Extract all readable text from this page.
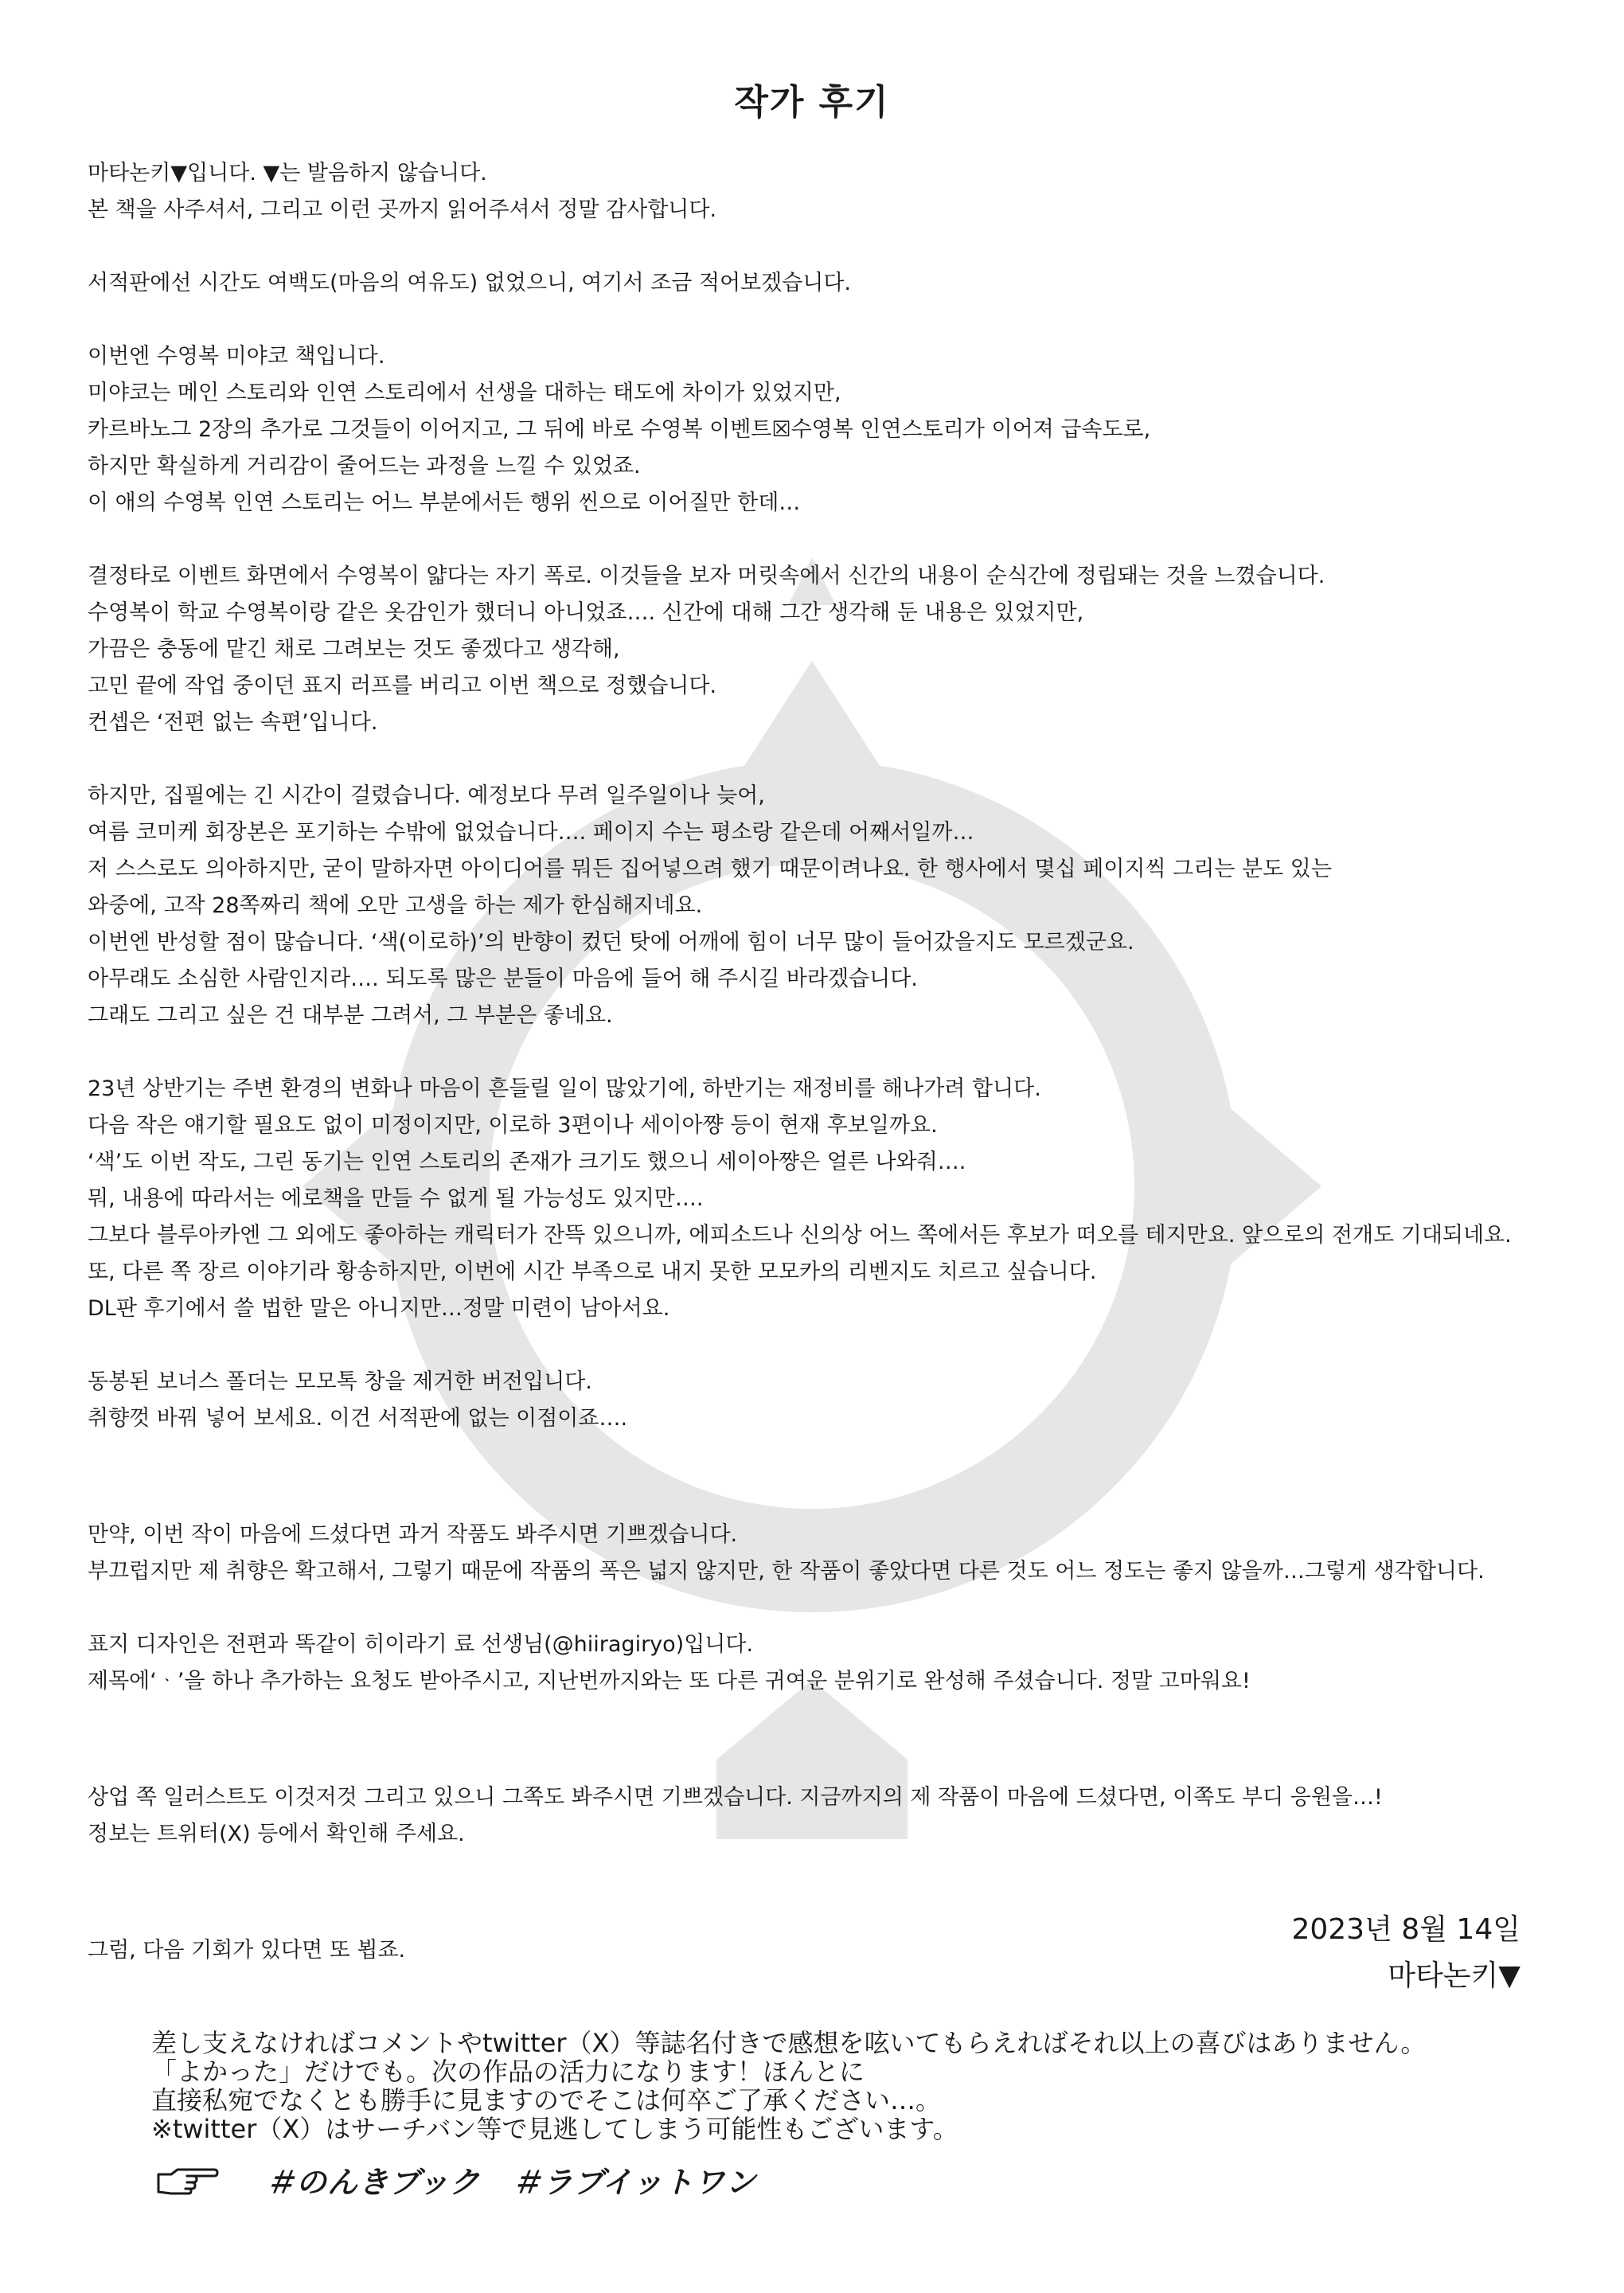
작가 후기

마타논키▼입니다. ▼는 발음하지 않습니다.
본 책을 사주셔서, 그리고 이런 곳까지 읽어주셔서 정말 감사합니다.

서적판에선 시간도 여백도(마음의 여유도) 없었으니, 여기서 조금 적어보겠습니다.

이번엔 수영복 미야코 책입니다.
미야코는 메인 스토리와 인연 스토리에서 선생을 대하는 태도에 차이가 있었지만,
카르바노그 2장의 추가로 그것들이 이어지고, 그 뒤에 바로 수영복 이벤트☒수영복 인연스토리가 이어져 급속도로,
하지만 확실하게 거리감이 줄어드는 과정을 느낄 수 있었죠.
이 애의 수영복 인연 스토리는 어느 부분에서든 행위 씬으로 이어질만 한데…

결정타로 이벤트 화면에서 수영복이 얇다는 자기 폭로. 이것들을 보자 머릿속에서 신간의 내용이 순식간에 정립돼는 것을 느꼈습니다.
수영복이 학교 수영복이랑 같은 옷감인가 했더니 아니었죠…. 신간에 대해 그간 생각해 둔 내용은 있었지만,
가끔은 충동에 맡긴 채로 그려보는 것도 좋겠다고 생각해,
고민 끝에 작업 중이던 표지 러프를 버리고 이번 책으로 정했습니다.
컨셉은 ‘전편 없는 속편’입니다.

하지만, 집필에는 긴 시간이 걸렸습니다. 예정보다 무려 일주일이나 늦어,
여름 코미케 회장본은 포기하는 수밖에 없었습니다…. 페이지 수는 평소랑 같은데 어째서일까…
저 스스로도 의아하지만, 굳이 말하자면 아이디어를 뭐든 집어넣으려 했기 때문이려나요. 한 행사에서 몇십 페이지씩 그리는 분도 있는
와중에, 고작 28쪽짜리 책에 오만 고생을 하는 제가 한심해지네요.
이번엔 반성할 점이 많습니다. ‘색(이로하)’의 반향이 컸던 탓에 어깨에 힘이 너무 많이 들어갔을지도 모르겠군요.
아무래도 소심한 사람인지라…. 되도록 많은 분들이 마음에 들어 해 주시길 바라겠습니다.
그래도 그리고 싶은 건 대부분 그려서, 그 부분은 좋네요.

23년 상반기는 주변 환경의 변화나 마음이 흔들릴 일이 많았기에, 하반기는 재정비를 해나가려 합니다.
다음 작은 얘기할 필요도 없이 미정이지만, 이로하 3편이나 세이아쨩 등이 현재 후보일까요.
‘색’도 이번 작도, 그린 동기는 인연 스토리의 존재가 크기도 했으니 세이아쨩은 얼른 나와줘….
뭐, 내용에 따라서는 에로책을 만들 수 없게 될 가능성도 있지만….
그보다 블루아카엔 그 외에도 좋아하는 캐릭터가 잔뜩 있으니까, 에피소드나 신의상 어느 쪽에서든 후보가 떠오를 테지만요. 앞으로의 전개도 기대되네요.
또, 다른 쪽 장르 이야기라 황송하지만, 이번에 시간 부족으로 내지 못한 모모카의 리벤지도 치르고 싶습니다.
DL판 후기에서 쓸 법한 말은 아니지만…정말 미련이 남아서요.

동봉된 보너스 폴더는 모모톡 창을 제거한 버전입니다.
취향껏 바꿔 넣어 보세요. 이건 서적판에 없는 이점이죠….

만약, 이번 작이 마음에 드셨다면 과거 작품도 봐주시면 기쁘겠습니다.
부끄럽지만 제 취향은 확고해서, 그렇기 때문에 작품의 폭은 넓지 않지만, 한 작품이 좋았다면 다른 것도 어느 정도는 좋지 않을까…그렇게 생각합니다.

표지 디자인은 전편과 똑같이 히이라기 료 선생님(@hiiragiryo)입니다.
제목에‘ᆞ’을 하나 추가하는 요청도 받아주시고, 지난번까지와는 또 다른 귀여운 분위기로 완성해 주셨습니다. 정말 고마워요!

상업 쪽 일러스트도 이것저것 그리고 있으니 그쪽도 봐주시면 기쁘겠습니다. 지금까지의 제 작품이 마음에 드셨다면, 이쪽도 부디 응원을…!
정보는 트위터(X) 등에서 확인해 주세요.

그럼, 다음 기회가 있다면 또 뵙죠.

2023년 8월 14일
마타논키▼
差し支えなければコメントやtwitter（X）等誌名付きで感想を呟いてもらえればそれ以上の喜びはありません。
「よかった」だけでも。次の作品の活力になります！ほんとに
直接私宛でなくとも勝手に見ますのでそこは何卒ご了承ください…。
※twitter（X）はサーチバン等で見逃してしまう可能性もございます。
＃のんきブック　＃ラブイットワン
